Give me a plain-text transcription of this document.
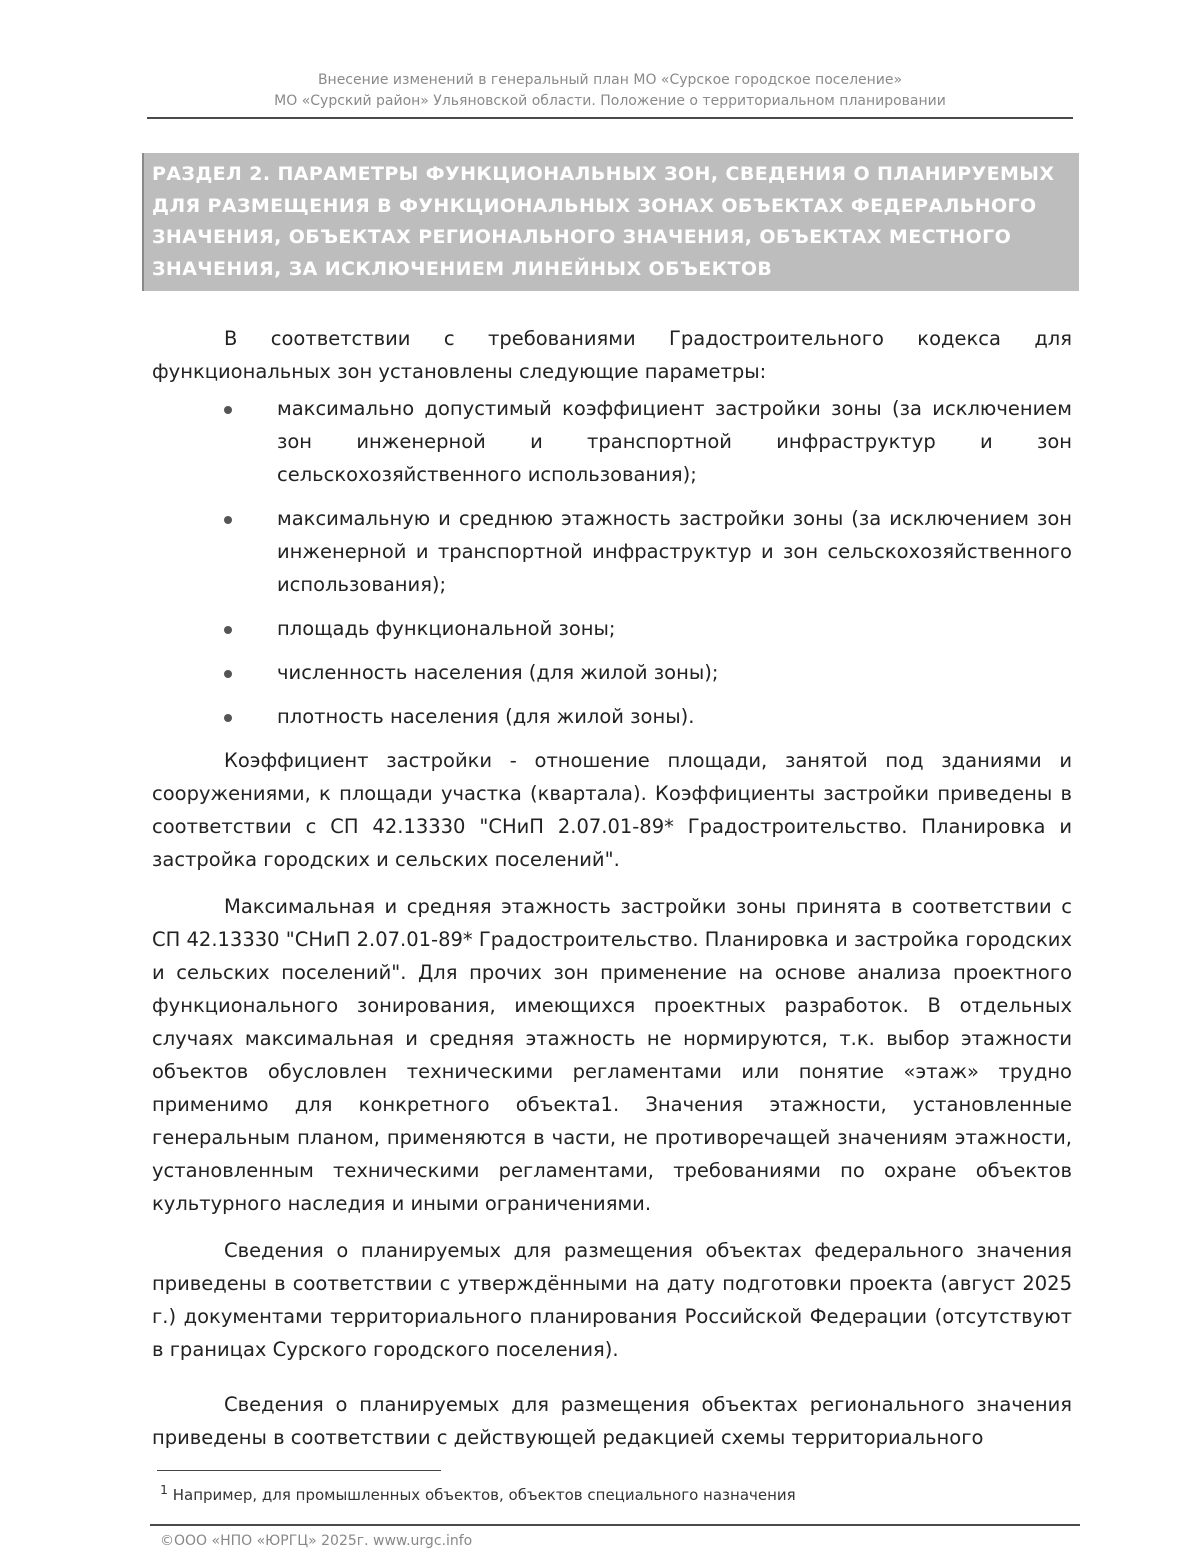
Внесение изменений в генеральный план МО «Сурское городское поселение»
МО «Сурский район» Ульяновской области. Положение о территориальном планировании
РАЗДЕЛ 2. ПАРАМЕТРЫ ФУНКЦИОНАЛЬНЫХ ЗОН, СВЕДЕНИЯ О ПЛАНИРУЕМЫХ ДЛЯ РАЗМЕЩЕНИЯ В ФУНКЦИОНАЛЬНЫХ ЗОНАХ ОБЪЕКТАХ ФЕДЕРАЛЬНОГО ЗНАЧЕНИЯ, ОБЪЕКТАХ РЕГИОНАЛЬНОГО ЗНАЧЕНИЯ, ОБЪЕКТАХ МЕСТНОГО ЗНАЧЕНИЯ, ЗА ИСКЛЮЧЕНИЕМ ЛИНЕЙНЫХ ОБЪЕКТОВ

В соответствии с требованиями Градостроительного кодекса для функциональных зон установлены следующие параметры:

максимально допустимый коэффициент застройки зоны (за исключением зон инженерной и транспортной инфраструктур и зон сельскохозяйственного использования);
максимальную и среднюю этажность застройки зоны (за исключением зон инженерной и транспортной инфраструктур и зон сельскохозяйственного использования);
площадь функциональной зоны;
численность населения (для жилой зоны);
плотность населения (для жилой зоны).

Коэффициент застройки - отношение площади, занятой под зданиями и сооружениями, к площади участка (квартала). Коэффициенты застройки приведены в соответствии с СП 42.13330 "СНиП 2.07.01-89* Градостроительство. Планировка и застройка городских и сельских поселений".

Максимальная и средняя этажность застройки зоны принята в соответствии с СП 42.13330 "СНиП 2.07.01-89* Градостроительство. Планировка и застройка городских и сельских поселений". Для прочих зон применение на основе анализа проектного функционального зонирования, имеющихся проектных разработок. В отдельных случаях максимальная и средняя этажность не нормируются, т.к. выбор этажности объектов обусловлен техническими регламентами или понятие «этаж» трудно применимо для конкретного объекта1. Значения этажности, установленные генеральным планом, применяются в части, не противоречащей значениям этажности, установленным техническими регламентами, требованиями по охране объектов культурного наследия и иными ограничениями.

Сведения о планируемых для размещения объектах федерального значения приведены в соответствии с утверждёнными на дату подготовки проекта (август 2025 г.) документами территориального планирования Российской Федерации (отсутствуют в границах Сурского городского поселения).

Сведения о планируемых для размещения объектах регионального значения приведены в соответствии с действующей редакцией схемы территориального

$^1$ Например, для промышленных объектов, объектов специального назначения
©ООО «НПО «ЮРГЦ» 2025г. www.urgc.info
